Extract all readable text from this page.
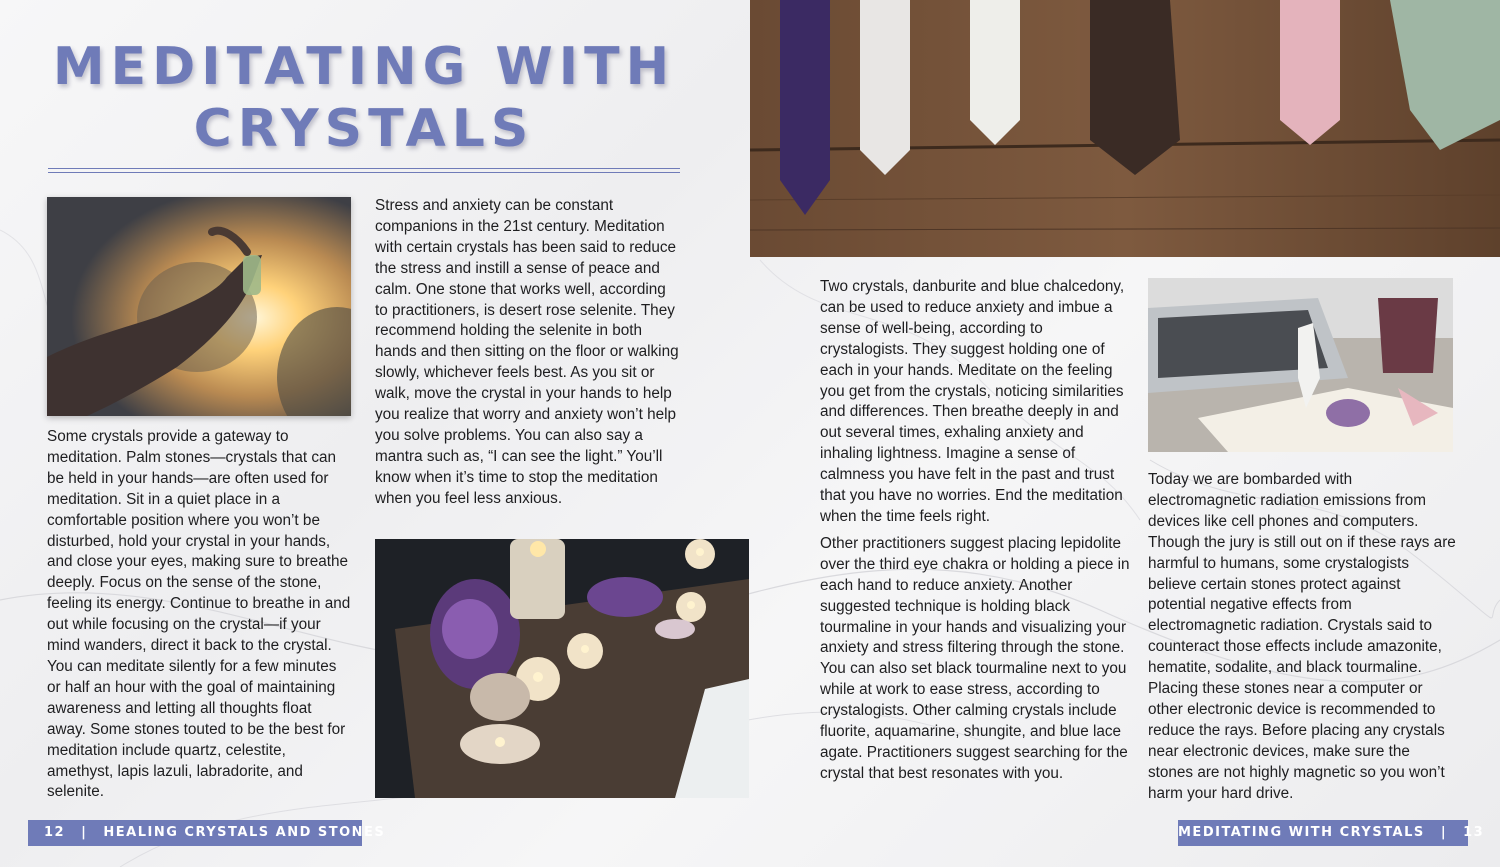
MEDITATING WITH
CRYSTALS

Some crystals provide a gateway to meditation. Palm stones—crystals that can be held in your hands—are often used for meditation. Sit in a quiet place in a comfortable position where you won’t be disturbed, hold your crystal in your hands, and close your eyes, making sure to breathe deeply. Focus on the sense of the stone, feeling its energy. Continue to breathe in and out while focusing on the crystal—if your mind wanders, direct it back to the crystal. You can meditate silently for a few minutes or half an hour with the goal of maintaining awareness and letting all thoughts float away. Some stones touted to be the best for meditation include quartz, celestite, amethyst, lapis lazuli, labradorite, and selenite.

Stress and anxiety can be constant companions in the 21st century. Meditation with certain crystals has been said to reduce the stress and instill a sense of peace and calm. One stone that works well, according to practitioners, is desert rose selenite. They recommend holding the selenite in both hands and then sitting on the floor or walking slowly, whichever feels best. As you sit or walk, move the crystal in your hands to help you realize that worry and anxiety won’t help you solve problems. You can also say a mantra such as, “I can see the light.” You’ll know when it’s time to stop the meditation when you feel less anxious.

12 | HEALING CRYSTALS AND STONES

Two crystals, danburite and blue chalcedony, can be used to reduce anxiety and imbue a sense of well-being, according to crystalogists. They suggest holding one of each in your hands. Meditate on the feeling you get from the crystals, noticing similarities and differences. Then breathe deeply in and out several times, exhaling anxiety and inhaling lightness. Imagine a sense of calmness you have felt in the past and trust that you have no worries. End the meditation when the time feels right.

Other practitioners suggest placing lepidolite over the third eye chakra or holding a piece in each hand to reduce anxiety. Another suggested technique is holding black tourmaline in your hands and visualizing your anxiety and stress filtering through the stone. You can also set black tourmaline next to you while at work to ease stress, according to crystalogists. Other calming crystals include fluorite, aquamarine, shungite, and blue lace agate. Practitioners suggest searching for the crystal that best resonates with you.

Today we are bombarded with electromagnetic radiation emissions from devices like cell phones and computers. Though the jury is still out on if these rays are harmful to humans, some crystalogists believe certain stones protect against potential negative effects from electromagnetic radiation. Crystals said to counteract those effects include amazonite, hematite, sodalite, and black tourmaline. Placing these stones near a computer or other electronic device is recommended to reduce the rays. Before placing any crystals near electronic devices, make sure the stones are not highly magnetic so you won’t harm your hard drive.

MEDITATING WITH CRYSTALS | 13
